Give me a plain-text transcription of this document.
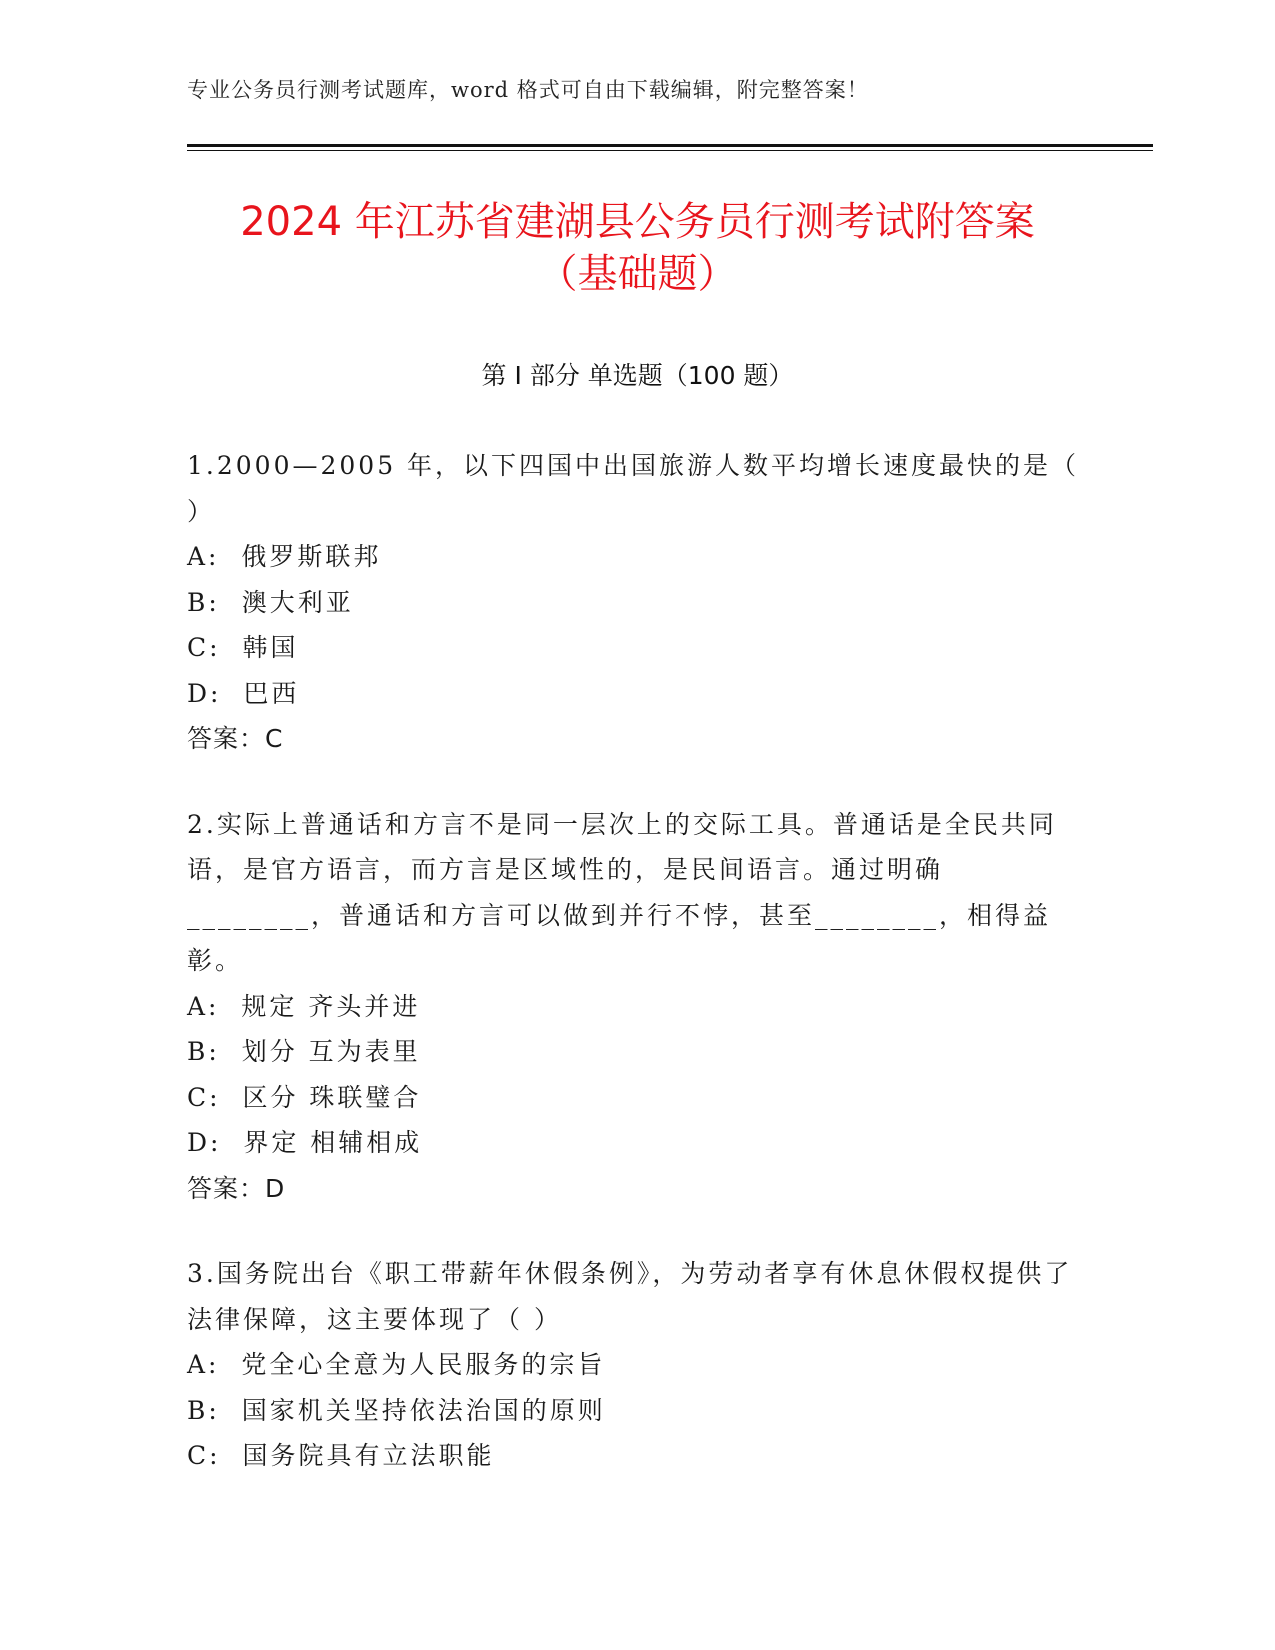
专业公务员行测考试题库，word 格式可自由下载编辑，附完整答案！
2024 年江苏省建湖县公务员行测考试附答案
（基础题）
第 I 部分 单选题（100 题）

1.2000—2005 年，以下四国中出国旅游人数平均增长速度最快的是（ ）

A:  俄罗斯联邦
B:  澳大利亚
C:  韩国
D:  巴西
答案：C

2.实际上普通话和方言不是同一层次上的交际工具。普通话是全民共同语，是官方语言，而方言是区域性的，是民间语言。通过明确________，普通话和方言可以做到并行不悖，甚至________，相得益彰。

A:  规定 齐头并进
B:  划分 互为表里
C:  区分 珠联璧合
D:  界定 相辅相成
答案：D

3.国务院出台《职工带薪年休假条例》，为劳动者享有休息休假权提供了法律保障，这主要体现了（ ）

A:  党全心全意为人民服务的宗旨
B:  国家机关坚持依法治国的原则
C:  国务院具有立法职能
